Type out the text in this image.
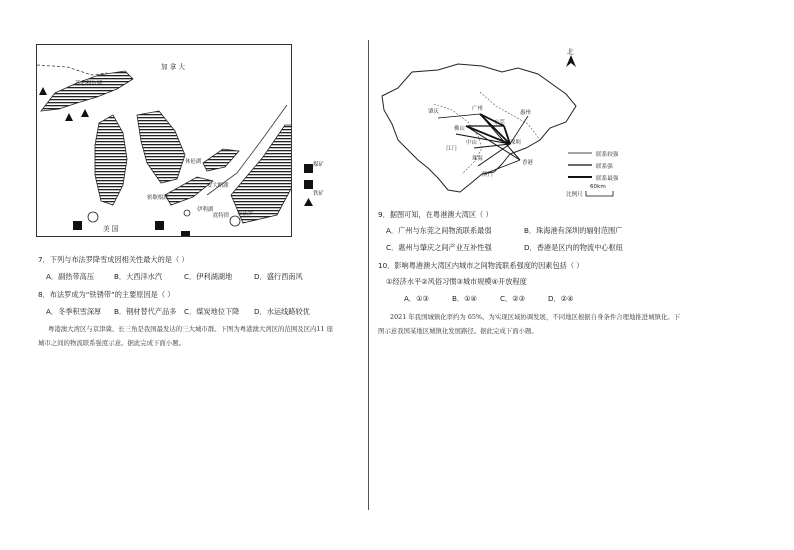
加 拿 大
美 国
苏必利尔湖
密歇根湖
休伦湖
安大略湖
伊利湖
底特律 布法罗
煤矿
铁矿
7．下列与布法罗降雪成因相关性最大的是（ ）
A．副热带高压	B．大西洋水汽	C．伊利湖湖地	D．盛行西南风
8．布法罗成为“铁锈带”的主要原因是（ ）
A．冬季积雪深厚 B．钢材替代产品多 C．煤炭地位下降 D．水运线路较优
粤港澳大湾区与京津冀、长三角是我国最发达的三大城市群。下图为粤港澳大湾区的范围及区内11 座
城市之间的物流联系强度示意。据此完成下面小题。
北
肇庆	广州
惠州
佛山
东莞
江门
中山	深圳
珠海
澳门
香港
联系较强
联系强
联系最强
比例尺
60km
9．据图可知，在粤港澳大湾区（ ）
A．广州与东莞之间物流联系最弱	B．珠海港有深圳的辐射范围广
C．惠州与肇庆之间产业互补性强	D．香港是区内的物流中心枢纽
10．影响粤港澳大湾区内城市之间物流联系强度的因素包括（ ）
①经济水平②风俗习惯③城市规模④开放程度
A．①③	B．①④	C．②③	D．②④
2021 年我国城镇化率约为 65%。为实现区域协调发展，不同地区根据自身条件合理地推进城镇化。下
图示意我国某地区城镇化发展路径。据此完成下面小题。
